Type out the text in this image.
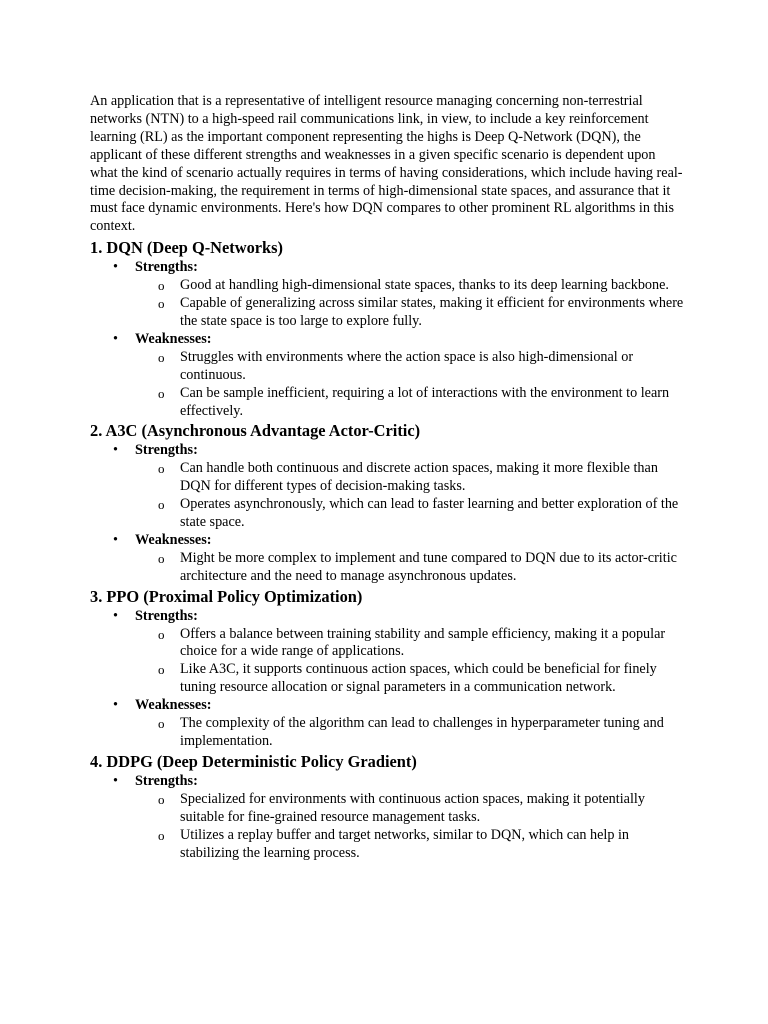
An application that is a representative of intelligent resource managing concerning non-terrestrial networks (NTN) to a high-speed rail communications link, in view, to include a key reinforcement learning (RL) as the important component representing the highs is Deep Q-Network (DQN), the applicant of these different strengths and weaknesses in a given specific scenario is dependent upon what the kind of scenario actually requires in terms of having considerations, which include having real-time decision-making, the requirement in terms of high-dimensional state spaces, and assurance that it must face dynamic environments. Here's how DQN compares to other prominent RL algorithms in this context.

1. DQN (Deep Q-Networks)
• Strengths:
o Good at handling high-dimensional state spaces, thanks to its deep learning backbone.
o Capable of generalizing across similar states, making it efficient for environments where the state space is too large to explore fully.
• Weaknesses:
o Struggles with environments where the action space is also high-dimensional or continuous.
o Can be sample inefficient, requiring a lot of interactions with the environment to learn effectively.
2. A3C (Asynchronous Advantage Actor-Critic)
• Strengths:
o Can handle both continuous and discrete action spaces, making it more flexible than DQN for different types of decision-making tasks.
o Operates asynchronously, which can lead to faster learning and better exploration of the state space.
• Weaknesses:
o Might be more complex to implement and tune compared to DQN due to its actor-critic architecture and the need to manage asynchronous updates.
3. PPO (Proximal Policy Optimization)
• Strengths:
o Offers a balance between training stability and sample efficiency, making it a popular choice for a wide range of applications.
o Like A3C, it supports continuous action spaces, which could be beneficial for finely tuning resource allocation or signal parameters in a communication network.
• Weaknesses:
o The complexity of the algorithm can lead to challenges in hyperparameter tuning and implementation.
4. DDPG (Deep Deterministic Policy Gradient)
• Strengths:
o Specialized for environments with continuous action spaces, making it potentially suitable for fine-grained resource management tasks.
o Utilizes a replay buffer and target networks, similar to DQN, which can help in stabilizing the learning process.
